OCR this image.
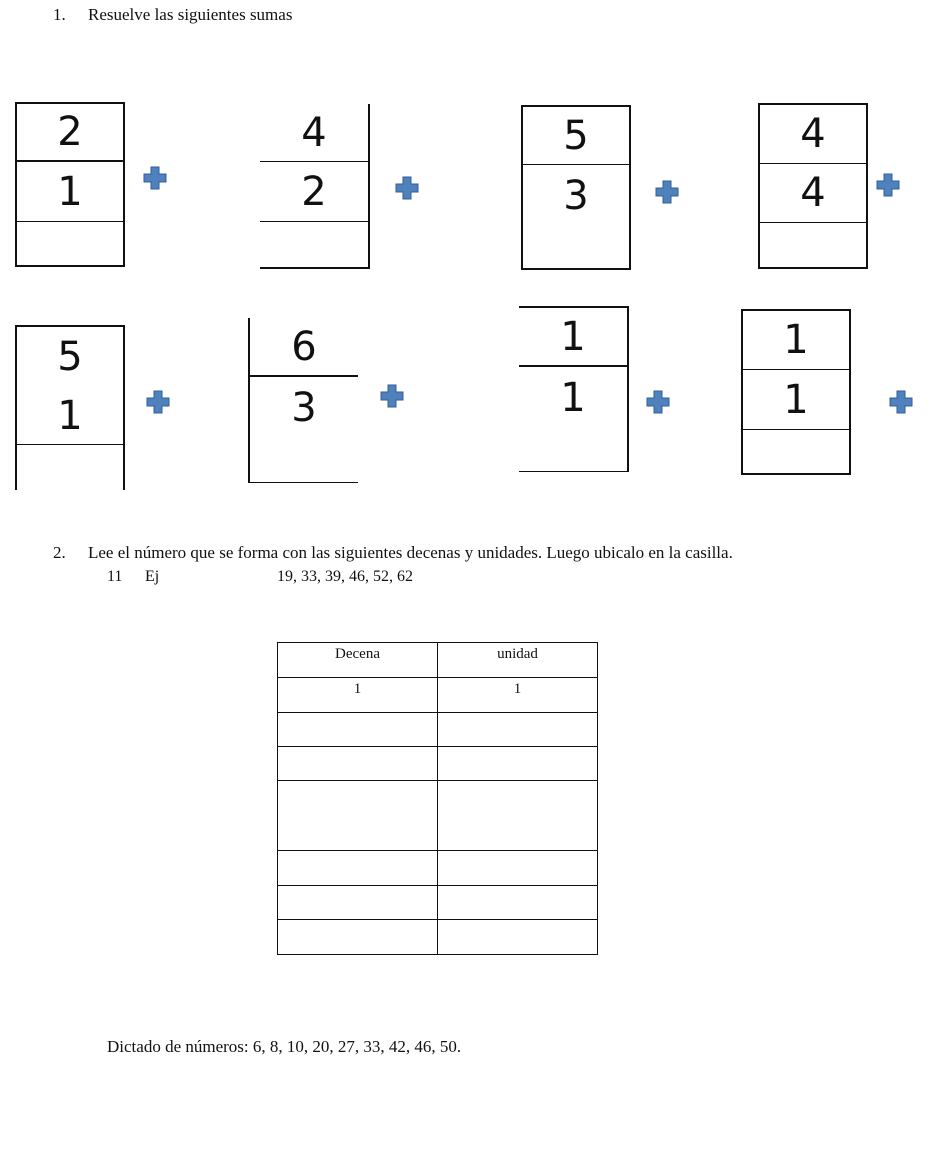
1. Resuelve las siguientes sumas
2
1
4
2
5
3
4
4
5
1
6
3
1
1
1
1
2. Lee el número que se forma con las siguientes decenas y unidades. Luego ubicalo en la casilla.
11 Ej	19, 33, 39, 46, 52, 62
Decena	unidad
1	1

Dictado de números: 6, 8, 10, 20, 27, 33, 42, 46, 50.
